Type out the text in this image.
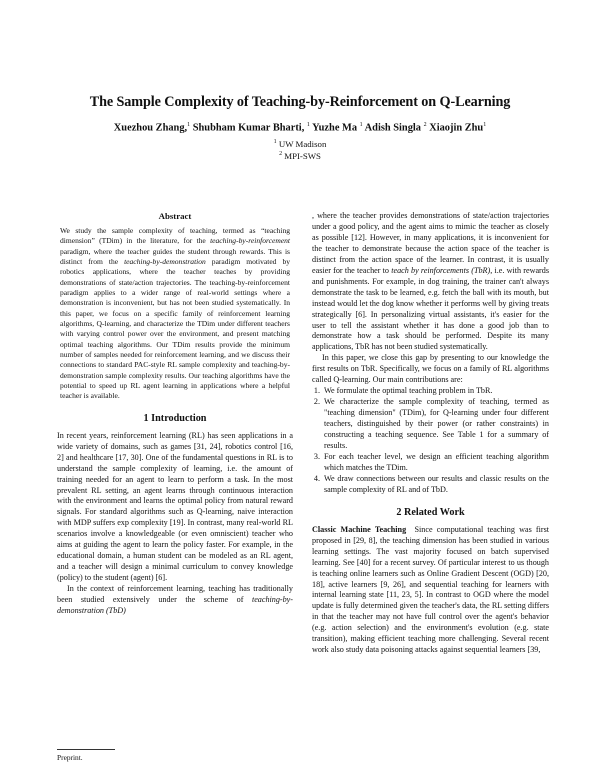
The Sample Complexity of Teaching-by-Reinforcement on Q-Learning
Xuezhou Zhang,$^1$ Shubham Kumar Bharti, $^1$ Yuzhe Ma $^1$ Adish Singla $^2$ Xiaojin Zhu$^1$
$^1$ UW Madison
$^2$ MPI-SWS
Abstract

We study the sample complexity of teaching, termed as “teaching dimension” (TDim) in the literature, for the teaching-by-reinforcement paradigm, where the teacher guides the student through rewards. This is distinct from the teaching-by-demonstration paradigm motivated by robotics applications, where the teacher teaches by providing demonstrations of state/action trajectories. The teaching-by-reinforcement paradigm applies to a wider range of real-world settings where a demonstration is inconvenient, but has not been studied systematically. In this paper, we focus on a specific family of reinforcement learning algorithms, Q-learning, and characterize the TDim under different teachers with varying control power over the environment, and present matching optimal teaching algorithms. Our TDim results provide the minimum number of samples needed for reinforcement learning, and we discuss their connections to standard PAC-style RL sample complexity and teaching-by-demonstration sample complexity results. Our teaching algorithms have the potential to speed up RL agent learning in applications where a helpful teacher is available.

1 Introduction

In recent years, reinforcement learning (RL) has seen applications in a wide variety of domains, such as games [31, 24], robotics control [16, 2] and healthcare [17, 30]. One of the fundamental questions in RL is to understand the sample complexity of learning, i.e. the amount of training needed for an agent to learn to perform a task. In the most prevalent RL setting, an agent learns through continuous interaction with the environment and learns the optimal policy from natural reward signals. For standard algorithms such as Q-learning, naive interaction with MDP suffers exp complexity [19]. In contrast, many real-world RL scenarios involve a knowledgeable (or even omniscient) teacher who aims at guiding the agent to learn the policy faster. For example, in the educational domain, a human student can be modeled as an RL agent, and a teacher will design a minimal curriculum to convey knowledge (policy) to the student (agent) [6].

In the context of reinforcement learning, teaching has traditionally been studied extensively under the scheme of teaching-by-demonstration (TbD)

, where the teacher provides demonstrations of state/action trajectories under a good policy, and the agent aims to mimic the teacher as closely as possible [12]. However, in many applications, it is inconvenient for the teacher to demonstrate because the action space of the teacher is distinct from the action space of the learner. In contrast, it is usually easier for the teacher to teach by reinforcements (TbR), i.e. with rewards and punishments. For example, in dog training, the trainer can't always demonstrate the task to be learned, e.g. fetch the ball with its mouth, but instead would let the dog know whether it performs well by giving treats strategically [6]. In personalizing virtual assistants, it's easier for the user to tell the assistant whether it has done a good job than to demonstrate how a task should be performed. Despite its many applications, TbR has not been studied systematically.

In this paper, we close this gap by presenting to our knowledge the first results on TbR. Specifically, we focus on a family of RL algorithms called Q-learning. Our main contributions are:

1. We formulate the optimal teaching problem in TbR.
2. We characterize the sample complexity of teaching, termed as "teaching dimension" (TDim), for Q-learning under four different teachers, distinguished by their power (or rather constraints) in constructing a teaching sequence. See Table 1 for a summary of results.
3. For each teacher level, we design an efficient teaching algorithm which matches the TDim.
4. We draw connections between our results and classic results on the sample complexity of RL and of TbD.
2 Related Work

Classic Machine Teaching Since computational teaching was first proposed in [29, 8], the teaching dimension has been studied in various learning settings. The vast majority focused on batch supervised learning. See [40] for a recent survey. Of particular interest to us though is teaching online learners such as Online Gradient Descent (OGD) [20, 18], active learners [9, 26], and sequential teaching for learners with internal learning state [11, 23, 5]. In contrast to OGD where the model update is fully determined given the teacher's data, the RL setting differs in that the teacher may not have full control over the agent's behavior (e.g. action selection) and the environment's evolution (e.g. state transition), making efficient teaching more challenging. Several recent work also study data poisoning attacks against sequential learners [39,

Preprint.
